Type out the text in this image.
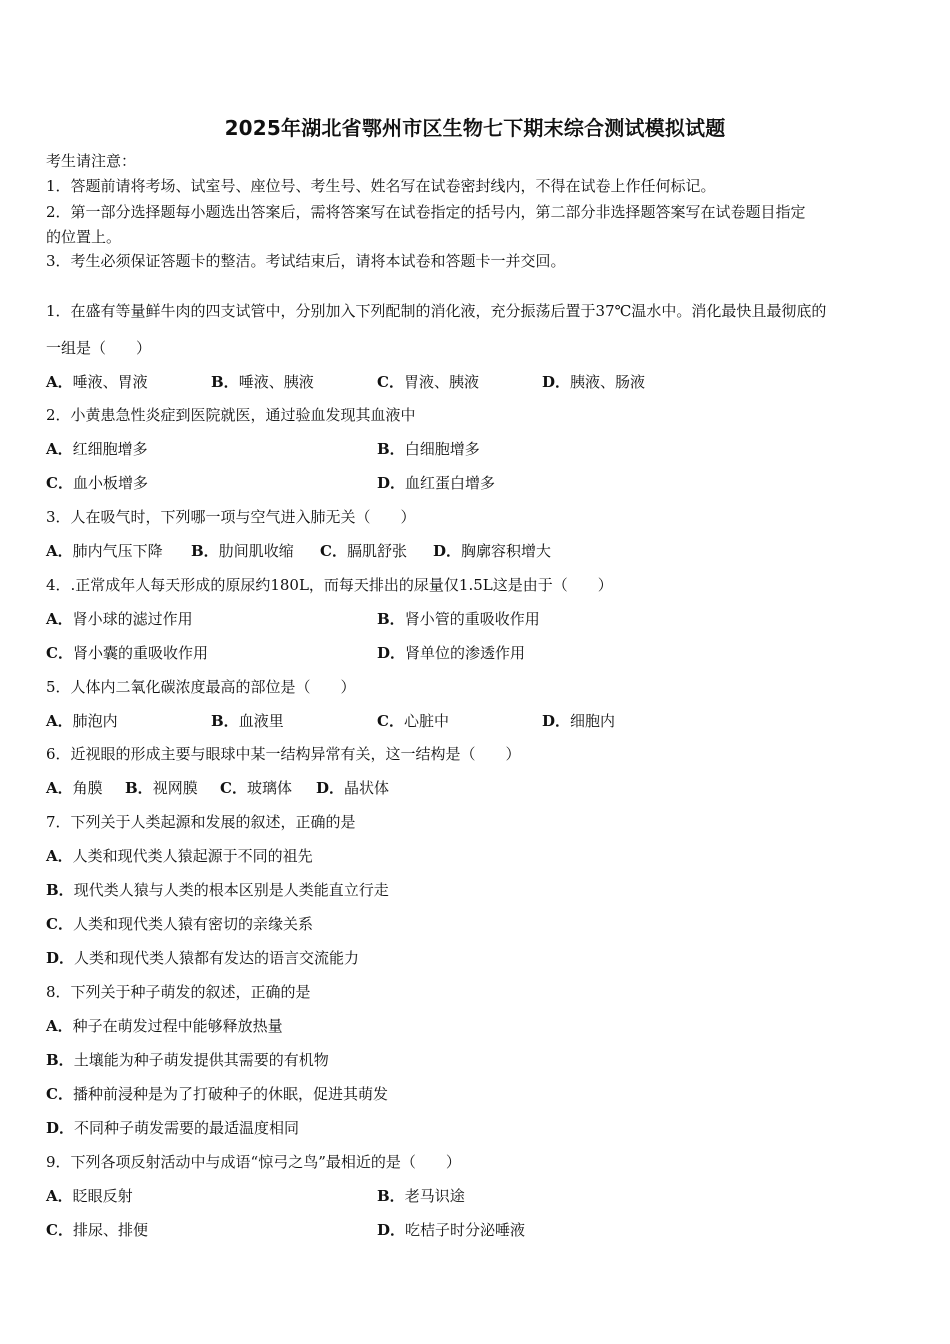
2025年湖北省鄂州市区生物七下期末综合测试模拟试题
考生请注意：
1．答题前请将考场、试室号、座位号、考生号、姓名写在试卷密封线内，不得在试卷上作任何标记。
2．第一部分选择题每小题选出答案后，需将答案写在试卷指定的括号内，第二部分非选择题答案写在试卷题目指定
的位置上。
3．考生必须保证答题卡的整洁。考试结束后，请将本试卷和答题卡一并交回。
1．在盛有等量鲜牛肉的四支试管中，分别加入下列配制的消化液，充分振荡后置于37℃温水中。消化最快且最彻底的
一组是（　　）
A．唾液、胃液	B．唾液、胰液	C．胃液、胰液	D．胰液、肠液
2．小黄患急性炎症到医院就医，通过验血发现其血液中
A．红细胞增多	B．白细胞增多
C．血小板增多	D．血红蛋白增多
3．人在吸气时，下列哪一项与空气进入肺无关（　　）
A．肺内气压下降 B．肋间肌收缩 C．膈肌舒张 D．胸廓容积增大
4．.正常成年人每天形成的原尿约180L，而每天排出的尿量仅1.5L这是由于（　　）
A．肾小球的滤过作用	B．肾小管的重吸收作用
C．肾小囊的重吸收作用	D．肾单位的渗透作用
5．人体内二氧化碳浓度最高的部位是（　　）
A．肺泡内	B．血液里	C．心脏中	D．细胞内
6．近视眼的形成主要与眼球中某一结构异常有关，这一结构是（　　）
A．角膜 B．视网膜 C．玻璃体 D．晶状体
7．下列关于人类起源和发展的叙述，正确的是
A．人类和现代类人猿起源于不同的祖先
B．现代类人猿与人类的根本区别是人类能直立行走
C．人类和现代类人猿有密切的亲缘关系
D．人类和现代类人猿都有发达的语言交流能力
8．下列关于种子萌发的叙述，正确的是
A．种子在萌发过程中能够释放热量
B．土壤能为种子萌发提供其需要的有机物
C．播种前浸种是为了打破种子的休眠，促进其萌发
D．不同种子萌发需要的最适温度相同
9．下列各项反射活动中与成语“惊弓之鸟”最相近的是（　　）
A．眨眼反射	B．老马识途
C．排尿、排便	D．吃桔子时分泌唾液
